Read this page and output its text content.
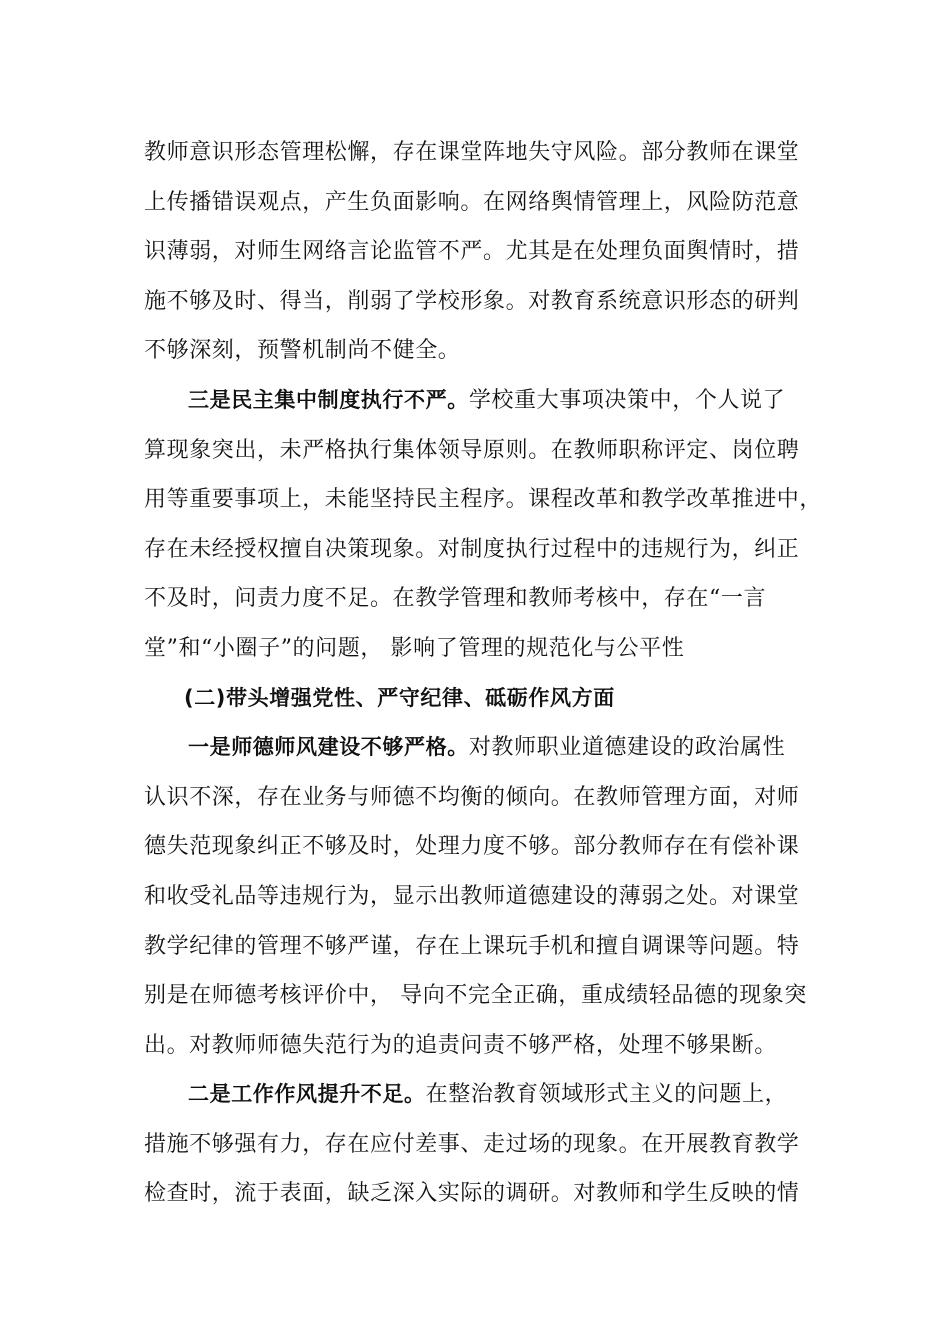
教师意识形态管理松懈，存在课堂阵地失守风险。部分教师在课堂
上传播错误观点，产生负面影响。在网络舆情管理上，风险防范意
识薄弱，对师生网络言论监管不严。尤其是在处理负面舆情时，措
施不够及时、得当，削弱了学校形象。对教育系统意识形态的研判
不够深刻，预警机制尚不健全。
三是民主集中制度执行不严。学校重大事项决策中，个人说了
算现象突出，未严格执行集体领导原则。在教师职称评定、岗位聘
用等重要事项上，未能坚持民主程序。课程改革和教学改革推进中，
存在未经授权擅自决策现象。对制度执行过程中的违规行为，纠正
不及时，问责力度不足。在教学管理和教师考核中，存在“一言
堂”和“小圈子”的问题， 影响了管理的规范化与公平性
(二)带头增强党性、严守纪律、砥砺作风方面
一是师德师风建设不够严格。对教师职业道德建设的政治属性
认识不深，存在业务与师德不均衡的倾向。在教师管理方面，对师
德失范现象纠正不够及时，处理力度不够。部分教师存在有偿补课
和收受礼品等违规行为，显示出教师道德建设的薄弱之处。对课堂
教学纪律的管理不够严谨，存在上课玩手机和擅自调课等问题。特
别是在师德考核评价中， 导向不完全正确，重成绩轻品德的现象突
出。对教师师德失范行为的追责问责不够严格，处理不够果断。
二是工作作风提升不足。在整治教育领域形式主义的问题上，
措施不够强有力，存在应付差事、走过场的现象。在开展教育教学
检查时，流于表面，缺乏深入实际的调研。对教师和学生反映的情
